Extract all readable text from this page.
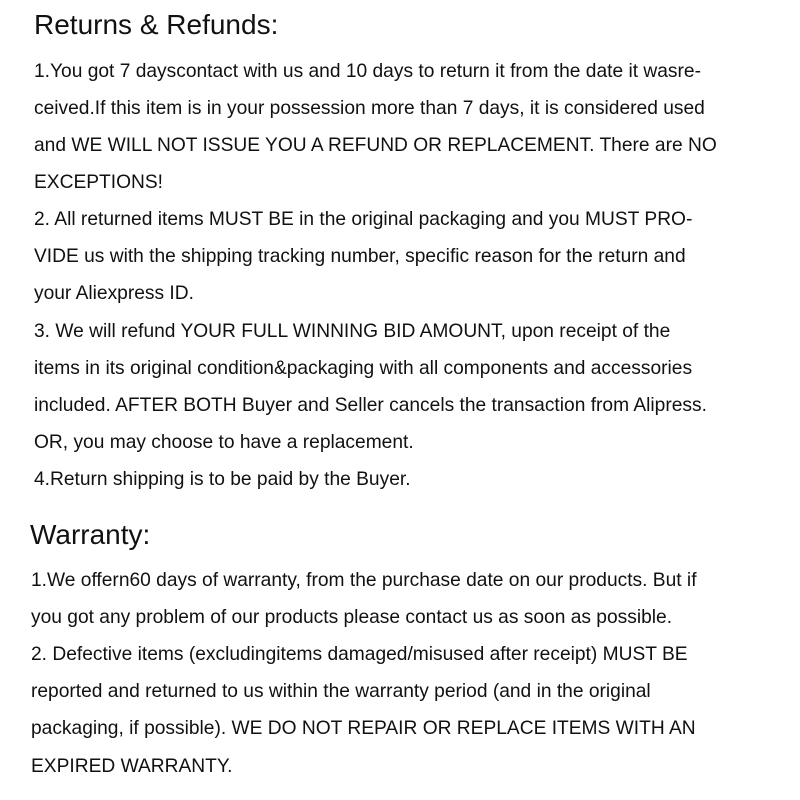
Returns & Refunds:

1.You got 7 dayscontact with us and 10 days to return it from the date it wasre-

ceived.If this item is in your possession more than 7 days, it is considered used

and WE WILL NOT ISSUE YOU A REFUND OR REPLACEMENT. There are NO

EXCEPTIONS!

2. All returned items MUST BE in the original packaging and you MUST PRO-

VIDE us with the shipping tracking number, specific reason for the return and

your Aliexpress ID.

3. We will refund YOUR FULL WINNING BID AMOUNT, upon receipt of the

items in its original condition&packaging with all components and accessories

included. AFTER BOTH Buyer and Seller cancels the transaction from Alipress.

OR, you may choose to have a replacement.

4.Return shipping is to be paid by the Buyer.

Warranty:

1.We offern60 days of warranty, from the purchase date on our products. But if

you got any problem of our products please contact us as soon as possible.

2. Defective items (excludingitems damaged/misused after receipt) MUST BE

reported and returned to us within the warranty period (and in the original

packaging, if possible). WE DO NOT REPAIR OR REPLACE ITEMS WITH AN

EXPIRED WARRANTY.
